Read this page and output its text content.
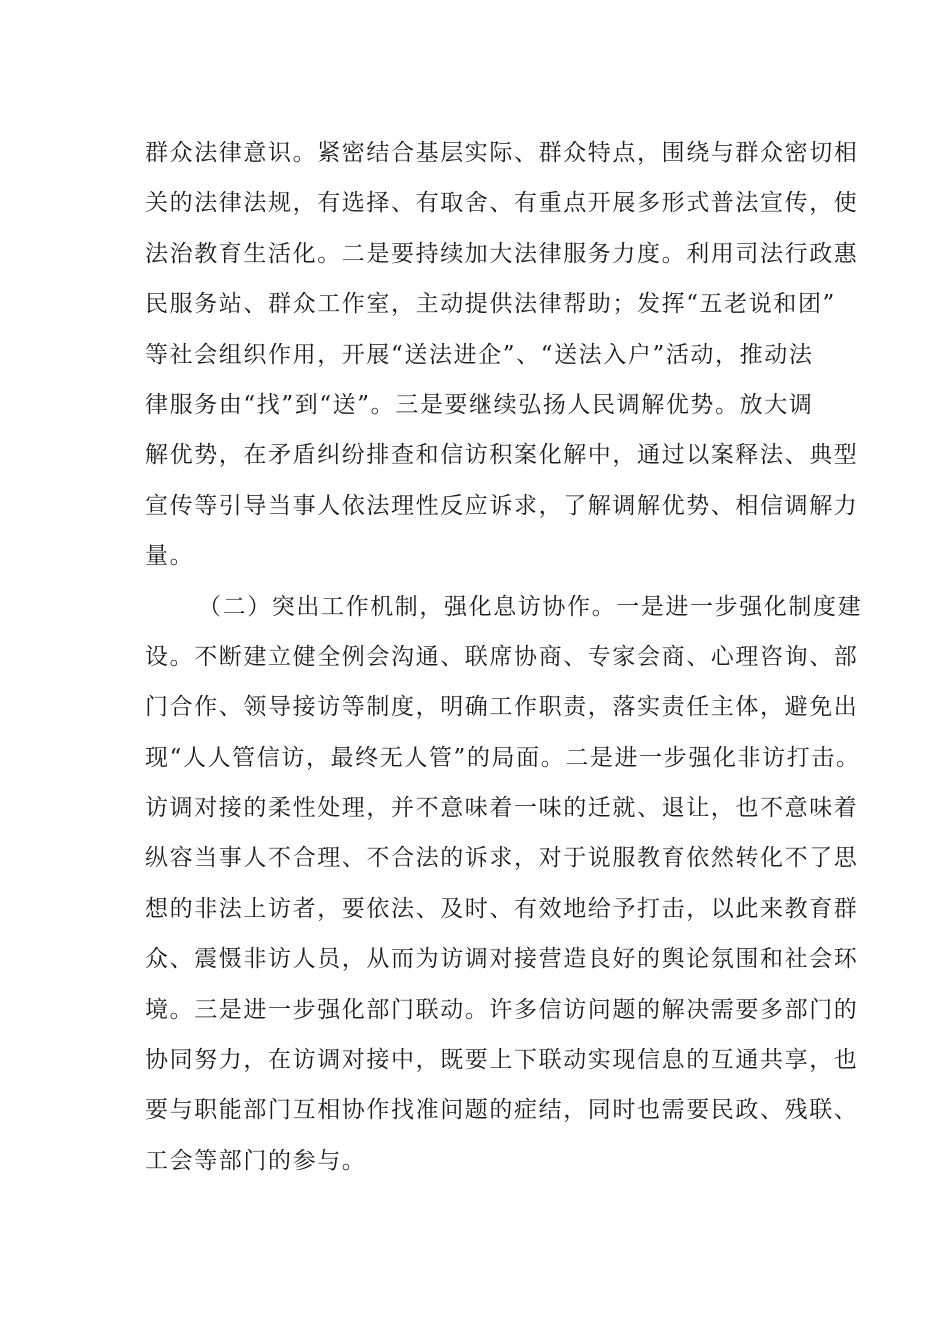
群众法律意识。紧密结合基层实际、群众特点，围绕与群众密切相
关的法律法规，有选择、有取舍、有重点开展多形式普法宣传，使
法治教育生活化。二是要持续加大法律服务力度。利用司法行政惠
民服务站、群众工作室，主动提供法律帮助；发挥“五老说和团”
等社会组织作用，开展“送法进企”、“送法入户”活动，推动法
律服务由“找”到“送”。三是要继续弘扬人民调解优势。放大调
解优势，在矛盾纠纷排查和信访积案化解中，通过以案释法、典型
宣传等引导当事人依法理性反应诉求，了解调解优势、相信调解力
量。
（二）突出工作机制，强化息访协作。一是进一步强化制度建
设。不断建立健全例会沟通、联席协商、专家会商、心理咨询、部
门合作、领导接访等制度，明确工作职责，落实责任主体，避免出
现“人人管信访，最终无人管”的局面。二是进一步强化非访打击。
访调对接的柔性处理，并不意味着一味的迁就、退让，也不意味着
纵容当事人不合理、不合法的诉求，对于说服教育依然转化不了思
想的非法上访者，要依法、及时、有效地给予打击，以此来教育群
众、震慑非访人员，从而为访调对接营造良好的舆论氛围和社会环
境。三是进一步强化部门联动。许多信访问题的解决需要多部门的
协同努力，在访调对接中，既要上下联动实现信息的互通共享，也
要与职能部门互相协作找准问题的症结，同时也需要民政、残联、
工会等部门的参与。
